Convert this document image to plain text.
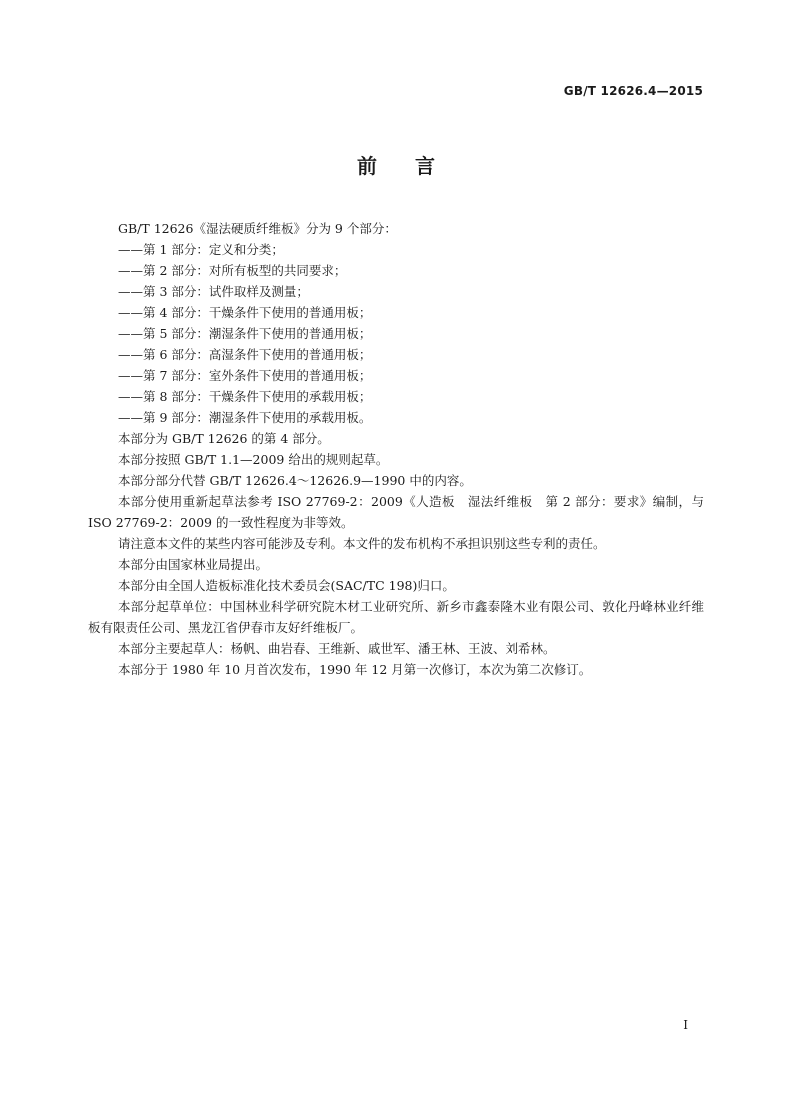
GB/T 12626.4—2015
前言

GB/T 12626《湿法硬质纤维板》分为 9 个部分：

——第 1 部分：定义和分类；

——第 2 部分：对所有板型的共同要求；

——第 3 部分：试件取样及测量；

——第 4 部分：干燥条件下使用的普通用板；

——第 5 部分：潮湿条件下使用的普通用板；

——第 6 部分：高湿条件下使用的普通用板；

——第 7 部分：室外条件下使用的普通用板；

——第 8 部分：干燥条件下使用的承载用板；

——第 9 部分：潮湿条件下使用的承载用板。

本部分为 GB/T 12626 的第 4 部分。

本部分按照 GB/T 1.1—2009 给出的规则起草。

本部分部分代替 GB/T 12626.4～12626.9—1990 中的内容。

本部分使用重新起草法参考 ISO 27769-2：2009《人造板　湿法纤维板　第 2 部分：要求》编制，与 ISO 27769-2：2009 的一致性程度为非等效。

请注意本文件的某些内容可能涉及专利。本文件的发布机构不承担识别这些专利的责任。

本部分由国家林业局提出。

本部分由全国人造板标准化技术委员会(SAC/TC 198)归口。

本部分起草单位：中国林业科学研究院木材工业研究所、新乡市鑫泰隆木业有限公司、敦化丹峰林业纤维板有限责任公司、黑龙江省伊春市友好纤维板厂。

本部分主要起草人：杨帆、曲岩春、王维新、戚世军、潘王林、王波、刘希林。

本部分于 1980 年 10 月首次发布，1990 年 12 月第一次修订，本次为第二次修订。

I
